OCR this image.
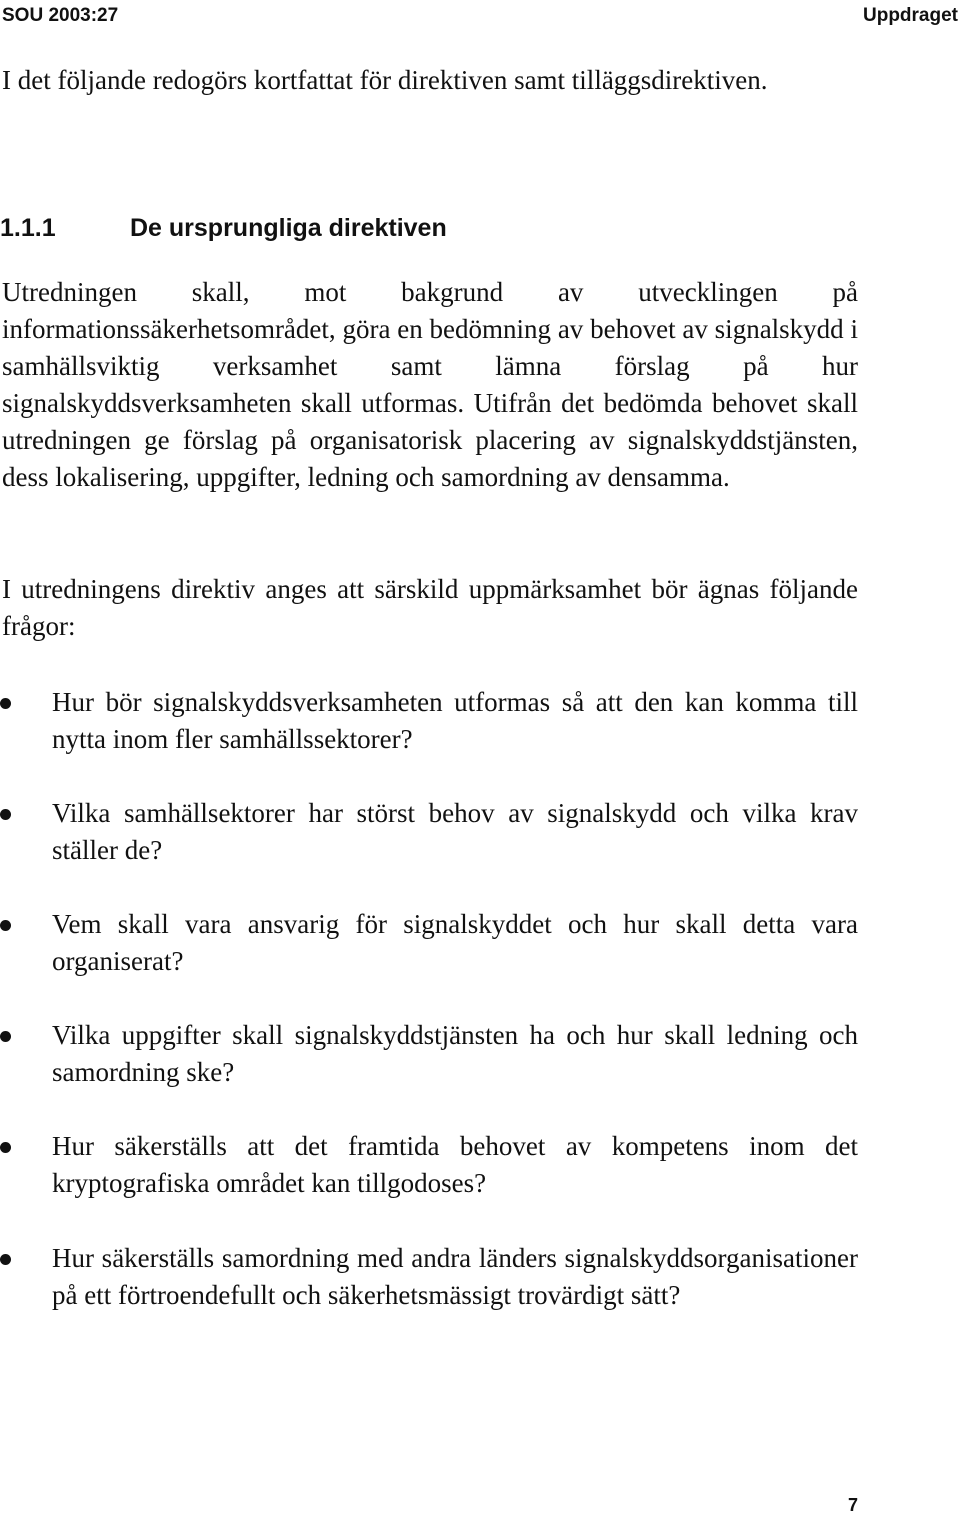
SOU 2003:27	Uppdraget

I det följande redogörs kortfattat för direktiven samt tilläggsdirektiven.

1.1.1	De ursprungliga direktiven

Utredningen skall, mot bakgrund av utvecklingen på informationssäkerhetsområdet, göra en bedömning av behovet av signalskydd i samhällsviktig verksamhet samt lämna förslag på hur signalskyddsverksamheten skall utformas. Utifrån det bedömda behovet skall utredningen ge förslag på organisatorisk placering av signalskyddstjänsten, dess lokalisering, uppgifter, ledning och samordning av densamma.

I utredningens direktiv anges att särskild uppmärksamhet bör ägnas följande frågor:

Hur bör signalskyddsverksamheten utformas så att den kan komma till nytta inom fler samhällssektorer?

Vilka samhällsektorer har störst behov av signalskydd och vilka krav ställer de?

Vem skall vara ansvarig för signalskyddet och hur skall detta vara organiserat?

Vilka uppgifter skall signalskyddstjänsten ha och hur skall ledning och samordning ske?

Hur säkerställs att det framtida behovet av kompetens inom det kryptografiska området kan tillgodoses?

Hur säkerställs samordning med andra länders signalskyddsorganisationer på ett förtroendefullt och säkerhetsmässigt trovärdigt sätt?

7
